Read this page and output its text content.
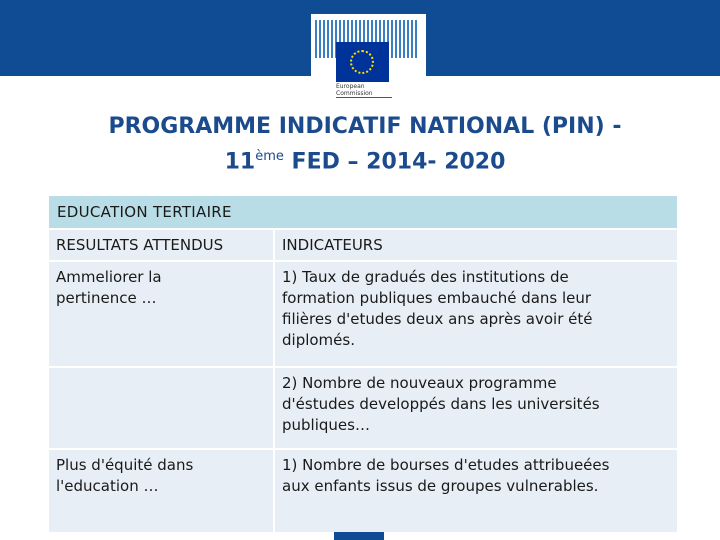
European
Commission
PROGRAMME INDICATIF NATIONAL (PIN) -
11ème FED – 2014- 2020
EDUCATION TERTIAIRE
RESULTATS ATTENDUS	INDICATEURS
Ammeliorer la
pertinence …
1) Taux de gradués des institutions de
formation publiques embauché dans leur
filières d'etudes deux ans après avoir été
diplomés.
2) Nombre de nouveaux programme
d'éstudes developpés dans les universités
publiques…
Plus d'équité dans
l'education …
1) Nombre de bourses d'etudes attribueées
aux enfants issus de groupes vulnerables.
